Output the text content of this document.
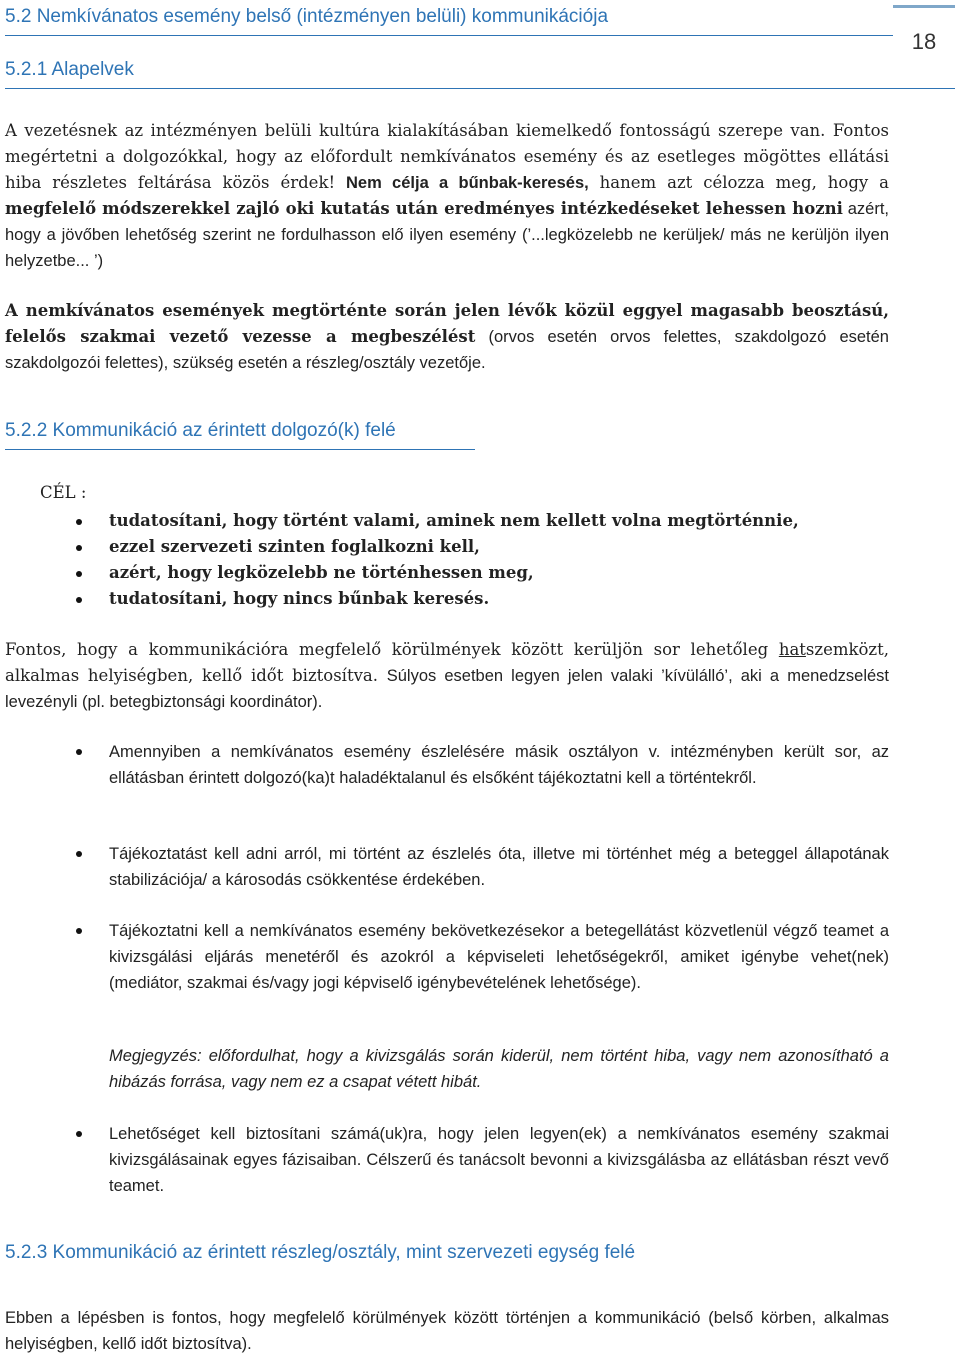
5.2 Nemkívánatos esemény belső (intézményen belüli) kommunikációja
18
5.2.1 Alapelvek
A vezetésnek az intézményen belüli kultúra kialakításában kiemelkedő fontosságú szerepe van. Fontos megértetni a dolgozókkal, hogy az előfordult nemkívánatos esemény és az esetleges mögöttes ellátási hiba részletes feltárása közös érdek! Nem célja a bűnbak-keresés, hanem azt célozza meg, hogy a megfelelő módszerekkel zajló oki kutatás után eredményes intézkedéseket lehessen hozni azért, hogy a jövőben lehetőség szerint ne fordulhasson elő ilyen esemény (’...legközelebb ne kerüljek/ más ne kerüljön ilyen helyzetbe... ’)
A nemkívánatos események megtörténte során jelen lévők közül eggyel magasabb beosztású, felelős szakmai vezető vezesse a megbeszélést (orvos esetén orvos felettes, szakdolgozó esetén szakdolgozói felettes), szükség esetén a részleg/osztály vezetője.
5.2.2 Kommunikáció az érintett dolgozó(k) felé
CÉL :
tudatosítani, hogy történt valami, aminek nem kellett volna megtörténnie,
ezzel szervezeti szinten foglalkozni kell,
azért, hogy legközelebb ne történhessen meg,
tudatosítani, hogy nincs bűnbak keresés.
Fontos, hogy a kommunikációra megfelelő körülmények között kerüljön sor lehetőleg hatszemközt, alkalmas helyiségben, kellő időt biztosítva. Súlyos esetben legyen jelen valaki ’kívülálló’, aki a menedzselést levezényli (pl. betegbiztonsági koordinátor).
Amennyiben a nemkívánatos esemény észlelésére másik osztályon v. intézményben került sor, az ellátásban érintett dolgozó(ka)t haladéktalanul és elsőként tájékoztatni kell a történtekről.
Tájékoztatást kell adni arról, mi történt az észlelés óta, illetve mi történhet még a beteggel állapotának stabilizációja/ a károsodás csökkentése érdekében.
Tájékoztatni kell a nemkívánatos esemény bekövetkezésekor a betegellátást közvetlenül végző teamet a kivizsgálási eljárás menetéről és azokról a képviseleti lehetőségekről, amiket igénybe vehet(nek) (mediátor, szakmai és/vagy jogi képviselő igénybevételének lehetősége).
Megjegyzés: előfordulhat, hogy a kivizsgálás során kiderül, nem történt hiba, vagy nem azonosítható a hibázás forrása, vagy nem ez a csapat vétett hibát.
Lehetőséget kell biztosítani számá(uk)ra, hogy jelen legyen(ek) a nemkívánatos esemény szakmai kivizsgálásainak egyes fázisaiban. Célszerű és tanácsolt bevonni a kivizsgálásba az ellátásban részt vevő teamet.
5.2.3 Kommunikáció az érintett részleg/osztály, mint szervezeti egység felé
Ebben a lépésben is fontos, hogy megfelelő körülmények között történjen a kommunikáció (belső körben, alkalmas helyiségben, kellő időt biztosítva).
